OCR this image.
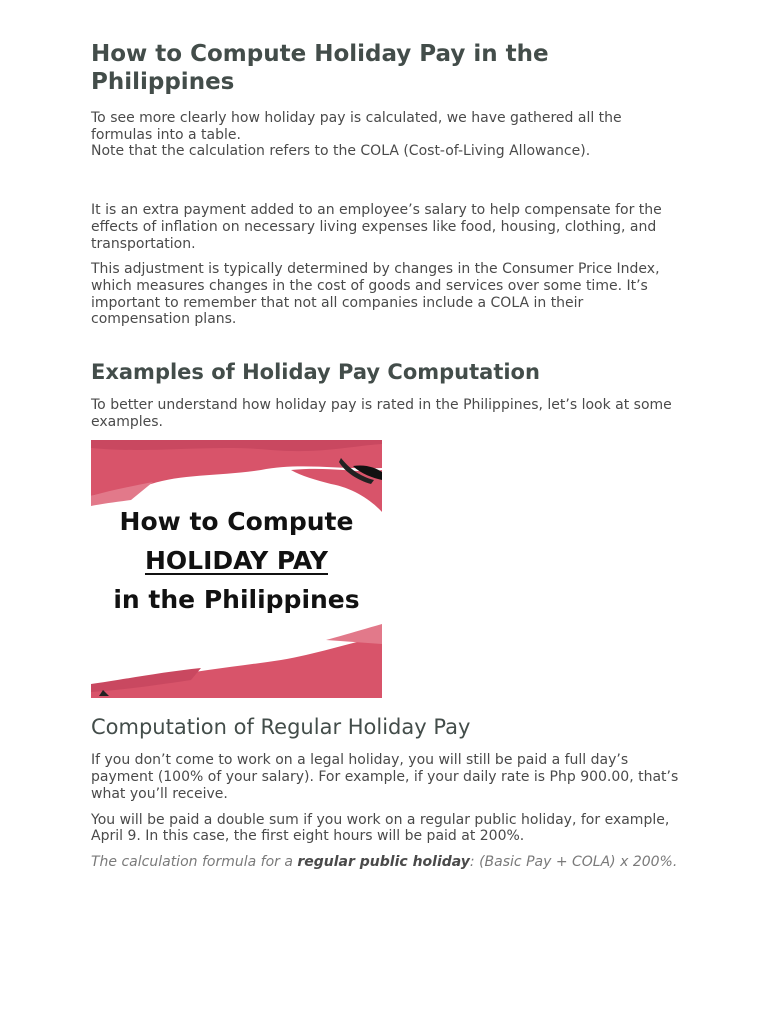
How to Compute Holiday Pay in the Philippines

To see more clearly how holiday pay is calculated, we have gathered all the formulas into a table.
Note that the calculation refers to the COLA (Cost-of-Living Allowance).

It is an extra payment added to an employee’s salary to help compensate for the effects of inflation on necessary living expenses like food, housing, clothing, and transportation.

This adjustment is typically determined by changes in the Consumer Price Index, which measures changes in the cost of goods and services over some time. It’s important to remember that not all companies include a COLA in their compensation plans.

Examples of Holiday Pay Computation

To better understand how holiday pay is rated in the Philippines, let’s look at some examples.

How to Compute
HOLIDAY PAY
in the Philippines
Computation of Regular Holiday Pay

If you don’t come to work on a legal holiday, you will still be paid a full day’s payment (100% of your salary). For example, if your daily rate is Php 900.00, that’s what you’ll receive.

You will be paid a double sum if you work on a regular public holiday, for example, April 9. In this case, the first eight hours will be paid at 200%.

The calculation formula for a regular public holiday: (Basic Pay + COLA) x 200%.
